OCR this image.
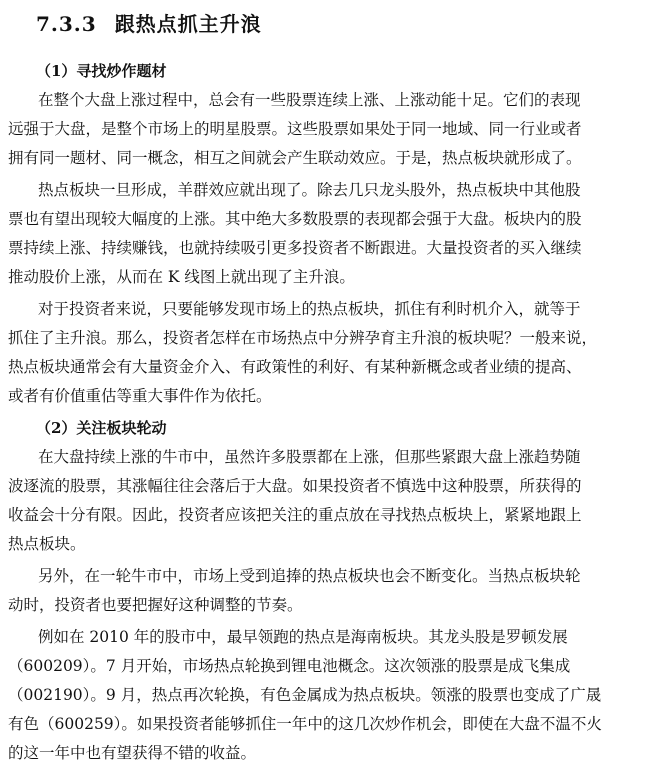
7.3.3 跟热点抓主升浪
（1）寻找炒作题材

在整个大盘上涨过程中，总会有一些股票连续上涨、上涨动能十足。它们的表现
远强于大盘，是整个市场上的明星股票。这些股票如果处于同一地域、同一行业或者
拥有同一题材、同一概念，相互之间就会产生联动效应。于是，热点板块就形成了。

热点板块一旦形成，羊群效应就出现了。除去几只龙头股外，热点板块中其他股
票也有望出现较大幅度的上涨。其中绝大多数股票的表现都会强于大盘。板块内的股
票持续上涨、持续赚钱，也就持续吸引更多投资者不断跟进。大量投资者的买入继续
推动股价上涨，从而在 K 线图上就出现了主升浪。

对于投资者来说，只要能够发现市场上的热点板块，抓住有利时机介入，就等于
抓住了主升浪。那么，投资者怎样在市场热点中分辨孕育主升浪的板块呢？一般来说，
热点板块通常会有大量资金介入、有政策性的利好、有某种新概念或者业绩的提高、
或者有价值重估等重大事件作为依托。

（2）关注板块轮动

在大盘持续上涨的牛市中，虽然许多股票都在上涨，但那些紧跟大盘上涨趋势随
波逐流的股票，其涨幅往往会落后于大盘。如果投资者不慎选中这种股票，所获得的
收益会十分有限。因此，投资者应该把关注的重点放在寻找热点板块上，紧紧地跟上
热点板块。

另外，在一轮牛市中，市场上受到追捧的热点板块也会不断变化。当热点板块轮
动时，投资者也要把握好这种调整的节奏。

例如在 2010 年的股市中，最早领跑的热点是海南板块。其龙头股是罗顿发展
（600209）。7 月开始，市场热点轮换到锂电池概念。这次领涨的股票是成飞集成
（002190）。9 月，热点再次轮换，有色金属成为热点板块。领涨的股票也变成了广晟
有色（600259）。如果投资者能够抓住一年中的这几次炒作机会，即使在大盘不温不火
的这一年中也有望获得不错的收益。
